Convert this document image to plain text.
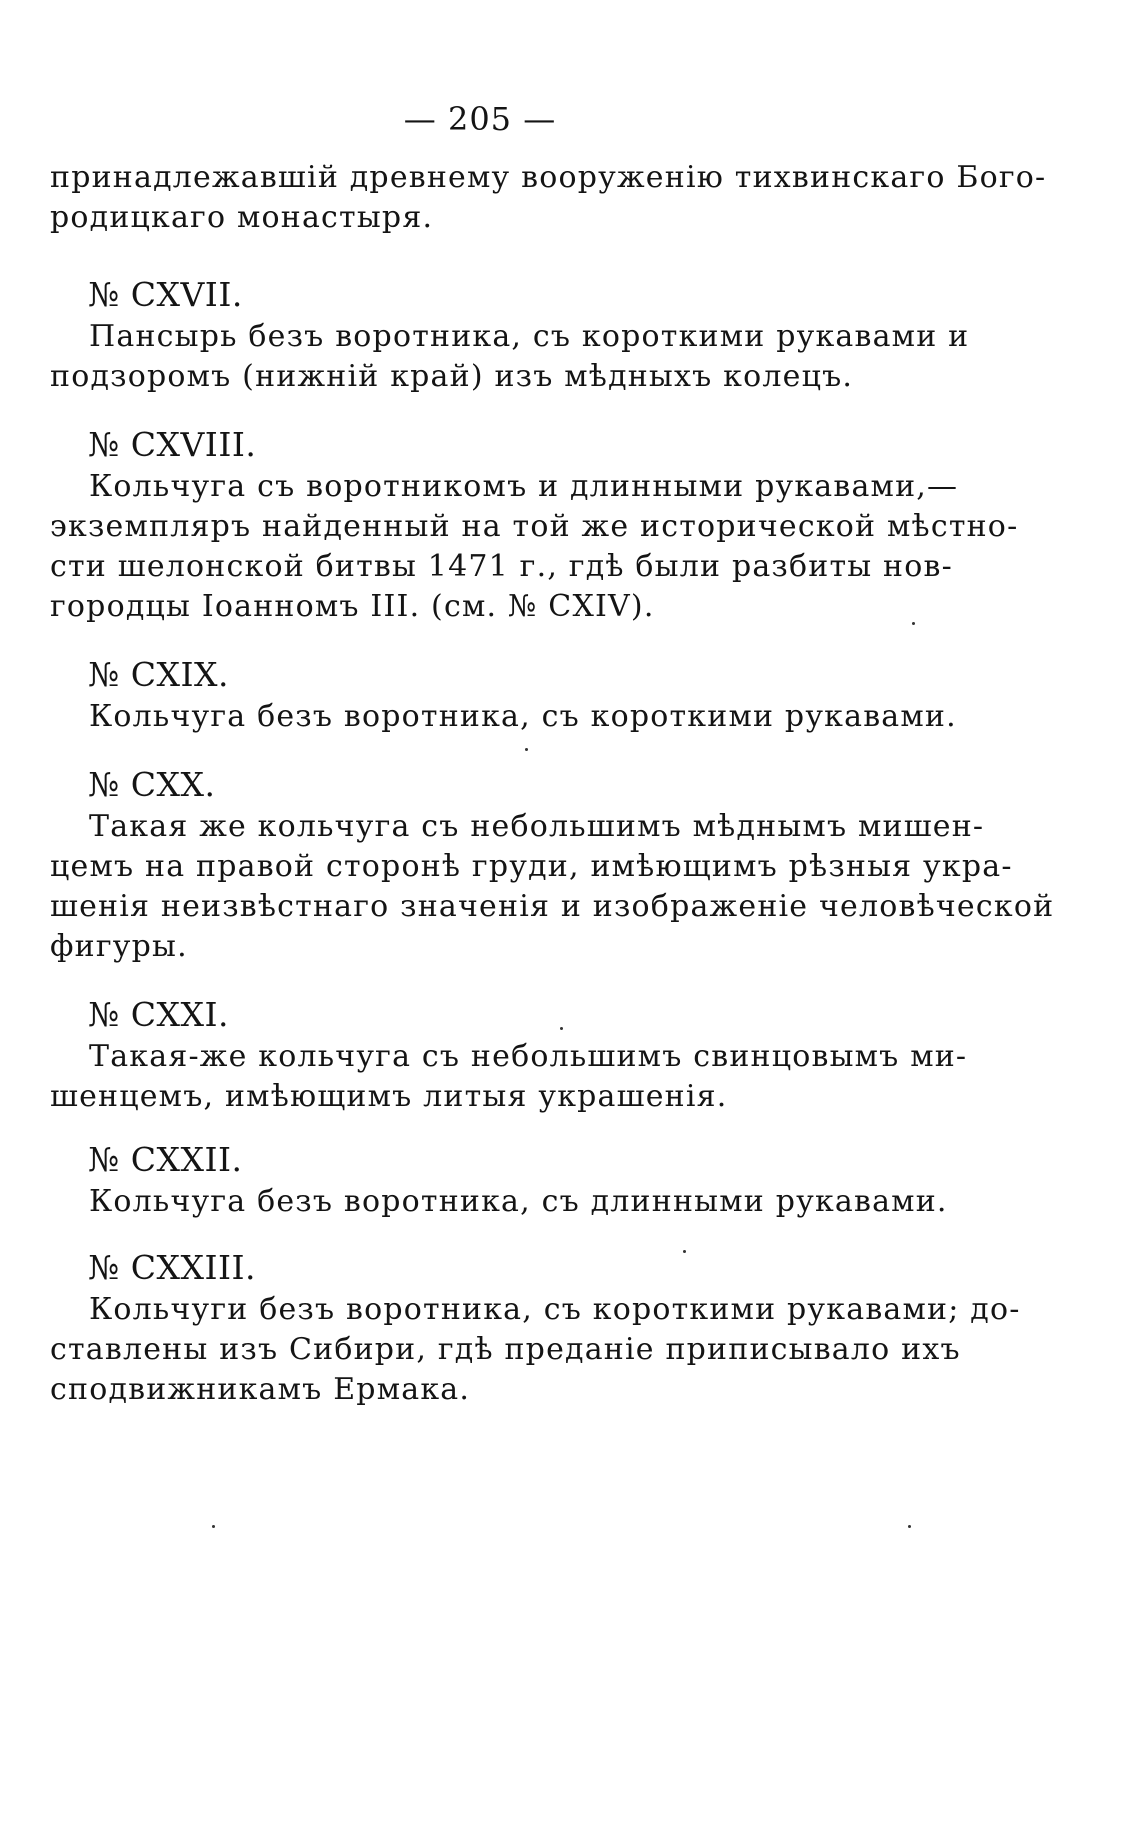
— 205 —
принадлежавшій древнему вооруженію тихвинскаго Бого-
родицкаго монастыря.
№ CXVII.
Пансырь безъ воротника, съ короткими рукавами и
подзоромъ (нижній край) изъ мѣдныхъ колецъ.
№ CXVIII.
Кольчуга съ воротникомъ и длинными рукавами,—
экземпляръ найденный на той же исторической мѣстно-
сти шелонской битвы 1471 г., гдѣ были разбиты нов-
городцы Іоанномъ III. (см. № CXIV).
№ CXIX.
Кольчуга безъ воротника, съ короткими рукавами.
№ CXX.
Такая же кольчуга съ небольшимъ мѣднымъ мишен-
цемъ на правой сторонѣ груди, имѣющимъ рѣзныя укра-
шенія неизвѣстнаго значенія и изображеніе человѣческой
фигуры.
№ CXXI.
Такая-же кольчуга съ небольшимъ свинцовымъ ми-
шенцемъ, имѣющимъ литыя украшенія.
№ CXXII.
Кольчуга безъ воротника, съ длинными рукавами.
№ CXXIII.
Кольчуги безъ воротника, съ короткими рукавами; до-
ставлены изъ Сибири, гдѣ преданіе приписывало ихъ
сподвижникамъ Ермака.
